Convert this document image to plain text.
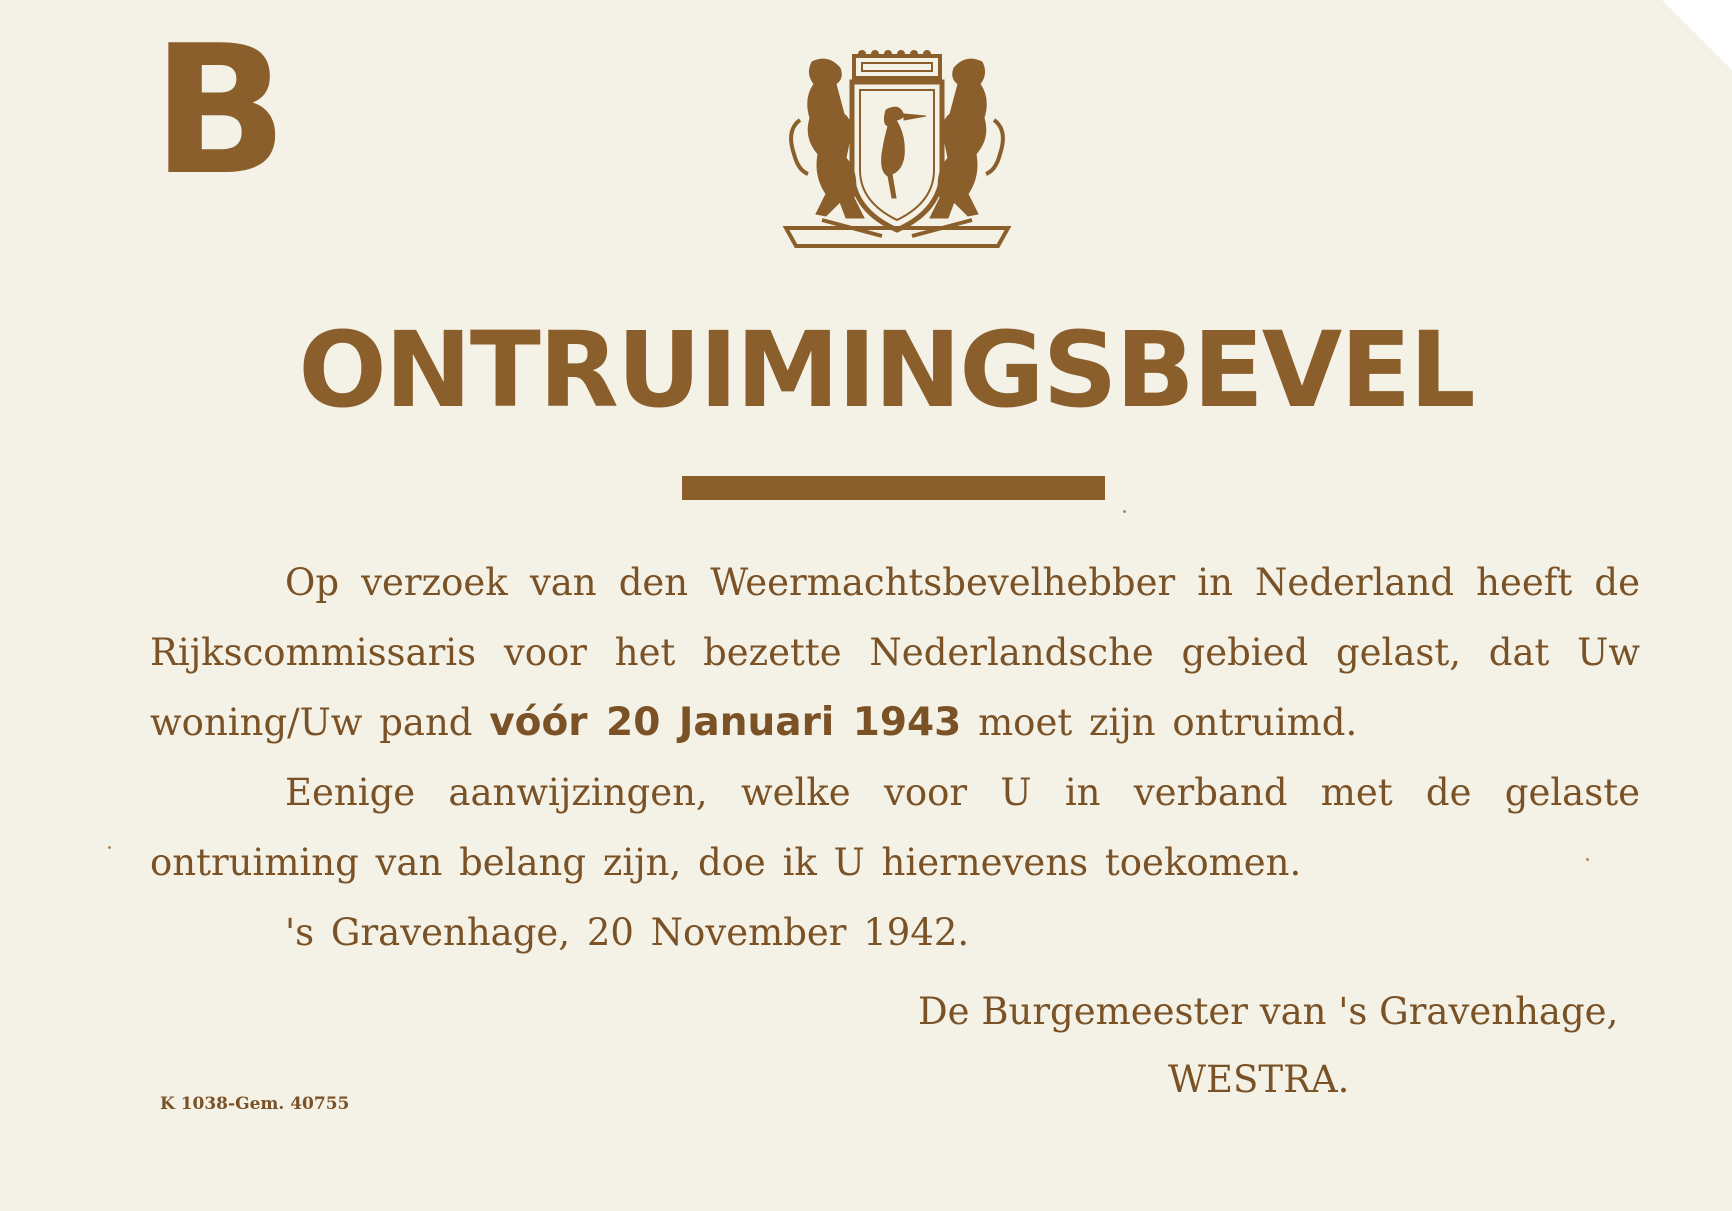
B
ONTRUIMINGSBEVEL

Op verzoek van den Weermachtsbevelhebber in Nederland heeft de Rijkscommissaris voor het bezette Nederlandsche gebied gelast, dat Uw woning/Uw pand vóór 20 Januari 1943 moet zijn ontruimd.

Eenige aanwijzingen, welke voor U in verband met de gelaste ontruiming van belang zijn, doe ik U hiernevens toekomen.

's Gravenhage, 20 November 1942.

De Burgemeester van 's Gravenhage,
WESTRA.
K 1038-Gem. 40755
